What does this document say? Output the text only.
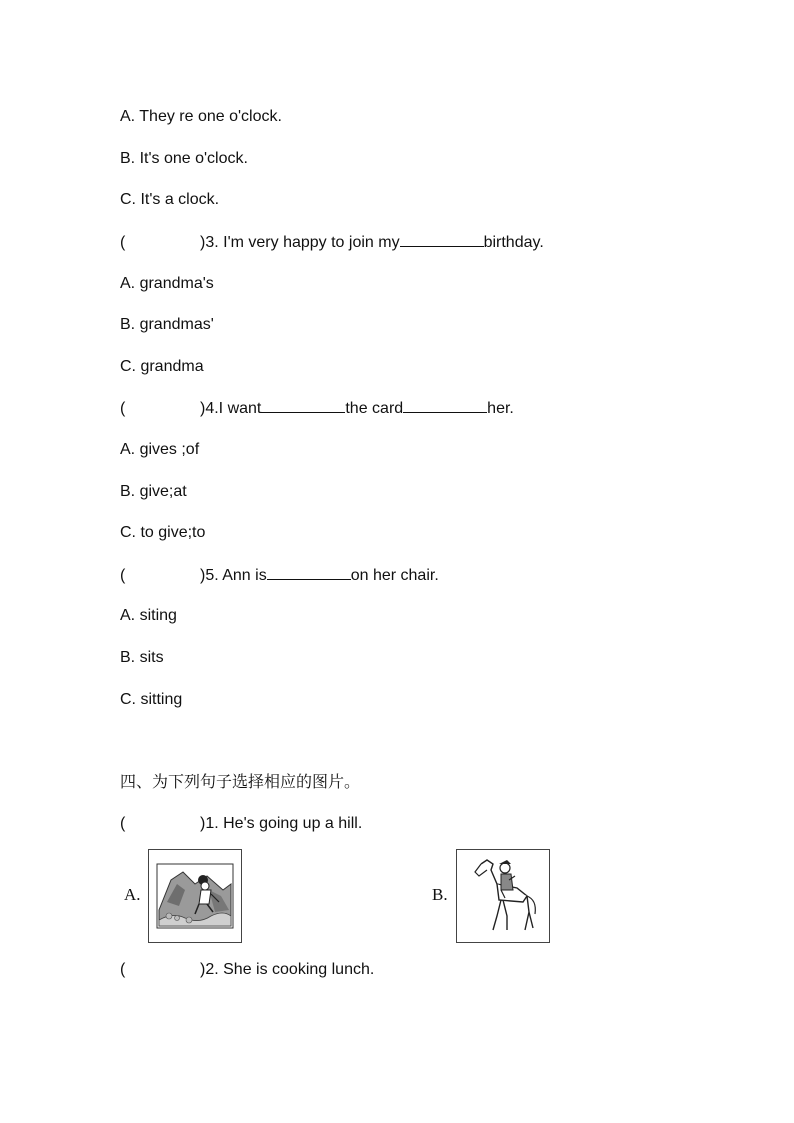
A. They re one o'clock.
B. It's one o'clock.
C. It's a clock.
(	)3. I'm very happy to join my	birthday.
A. grandma's
B. grandmas'
C. grandma
(	)4.I want	the card	her.
A. gives ;of
B. give;at
C. to give;to
(	)5. Ann is	on her chair.
A. siting
B. sits
C. sitting
四、为下列句子选择相应的图片。
(	)1. He's going up a hill.
A.	B.
(	)2. She is cooking lunch.
